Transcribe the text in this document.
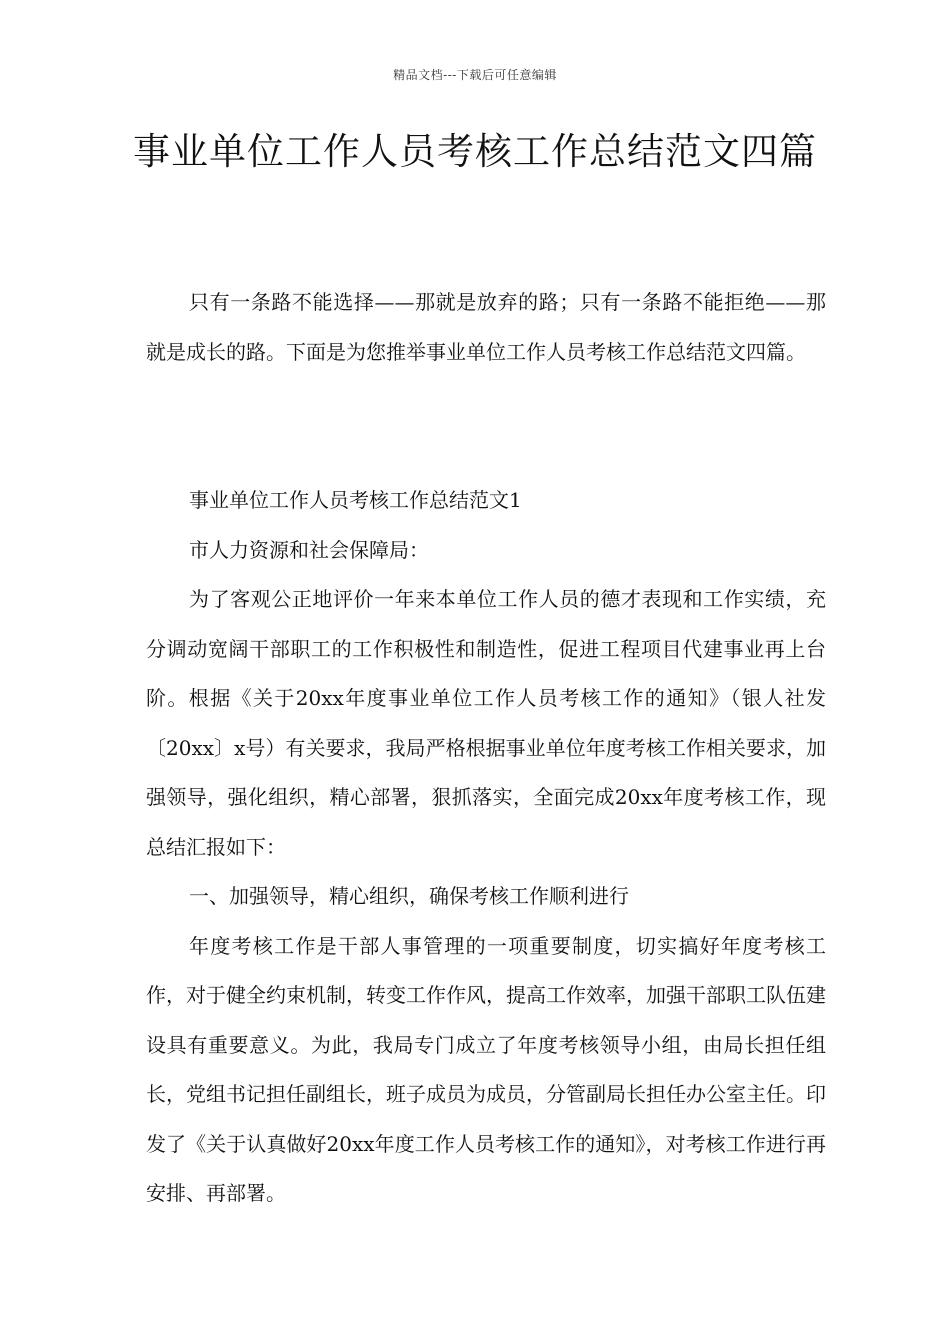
精品文档---下载后可任意编辑
事业单位工作人员考核工作总结范文四篇

只有一条路不能选择——那就是放弃的路；只有一条路不能拒绝——那就是成长的路。下面是为您推举事业单位工作人员考核工作总结范文四篇。

事业单位工作人员考核工作总结范文1

市人力资源和社会保障局：

为了客观公正地评价一年来本单位工作人员的德才表现和工作实绩，充分调动宽阔干部职工的工作积极性和制造性，促进工程项目代建事业再上台阶。根据《关于20xx年度事业单位工作人员考核工作的通知》（银人社发〔20xx〕x号）有关要求，我局严格根据事业单位年度考核工作相关要求，加强领导，强化组织，精心部署，狠抓落实，全面完成20xx年度考核工作，现总结汇报如下：

一、加强领导，精心组织，确保考核工作顺利进行

年度考核工作是干部人事管理的一项重要制度，切实搞好年度考核工作，对于健全约束机制，转变工作作风，提高工作效率，加强干部职工队伍建设具有重要意义。为此，我局专门成立了年度考核领导小组，由局长担任组长，党组书记担任副组长，班子成员为成员，分管副局长担任办公室主任。印发了《关于认真做好20xx年度工作人员考核工作的通知》，对考核工作进行再安排、再部署。
